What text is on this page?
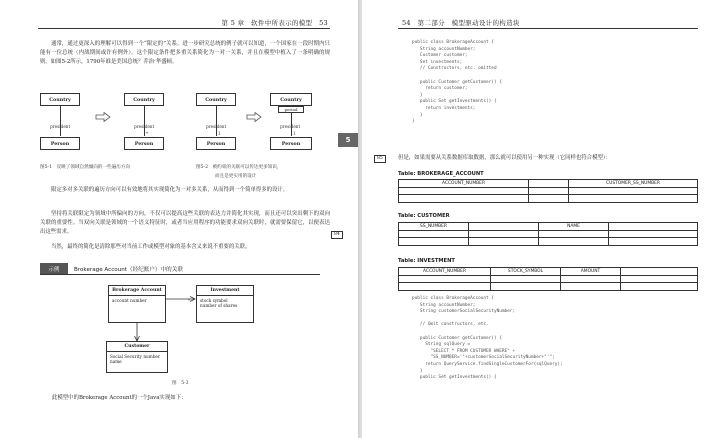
第 5 章　软件中所表示的模型　53
通常，通过更深入的理解可以得到一个“限定的”关系。进一步研究总统的例子就可以知道，一个国家在一段时期内只能有一位总统（内战期间或许有例外）。这个限定条件把多重关系简化为一对一关系，并且在模型中植入了一条明确的规则。如图5-2所示，1790年谁是美国总统？乔治·华盛顿。
Country
president
Person
Country
president
*
Person
图5-1　反映了领域自然倾向的一些遍历方向
Country
president
1
Person
Country
period
president
1
Person
图5-2　被约束的关联可以传达更多知识，
而且是更实用的设计
限定多对多关联的遍历方向可以有效地将其实现简化为一对多关系，从而得到一个简单得多的设计。
坚持将关联限定为领域中所偏向的方向，不仅可以提高这些关联的表达力并简化其实现，而且还可以突出剩下的双向关联的重要性。当双向关联是领域的一个语义特征时，或者当应用程序的功能要求双向关联时，就需要保留它，以便表达出这些需求。
当然，最终的简化是清除那些对当前工作或模型对象的基本含义来说不重要的关联。
示例	Brokerage Account（经纪账户）中的关联
Brokerage Account
account number
Investment
stock symbol
number of shares
*
Customer
Social Security number
name
图　5-3
此模型中的Brokerage Account的一个Java实现如下：
84
5
54　第二部分　模型驱动设计的构造块
public class BrokerageAccount {
String accountNumber;
Customer customer;
Set investments;
// Constructors, etc. omitted

public Customer getCustomer() {
return customer;
}
public Set getInvestments() {
return investments;
}
}
85	但是，如果需要从关系数据库取数据，那么就可以使用另一种实现（它同样也符合模型）：
Table: BROKERAGE_ACCOUNT
ACCOUNT_NUMBER		CUSTOMER_SS_NUMBER

Table: CUSTOMER
SS_NUMBER		NAME	

Table: INVESTMENT
ACCOUNT_NUMBER	STOCK_SYMBOL	AMOUNT	

public class BrokerageAccount {
String accountNumber;
String customerSocialSecurityNumber;

// Omit constructors, etc.

public Customer getCustomer() {
String sqlQuery =
"SELECT * FROM CUSTOMER WHERE" +
"SS_NUMBER='"+customerSocialSecurityNumber+"'";
return QueryService.findSingleCustomerFor(sqlQuery);
}
public Set getInvestments() {
